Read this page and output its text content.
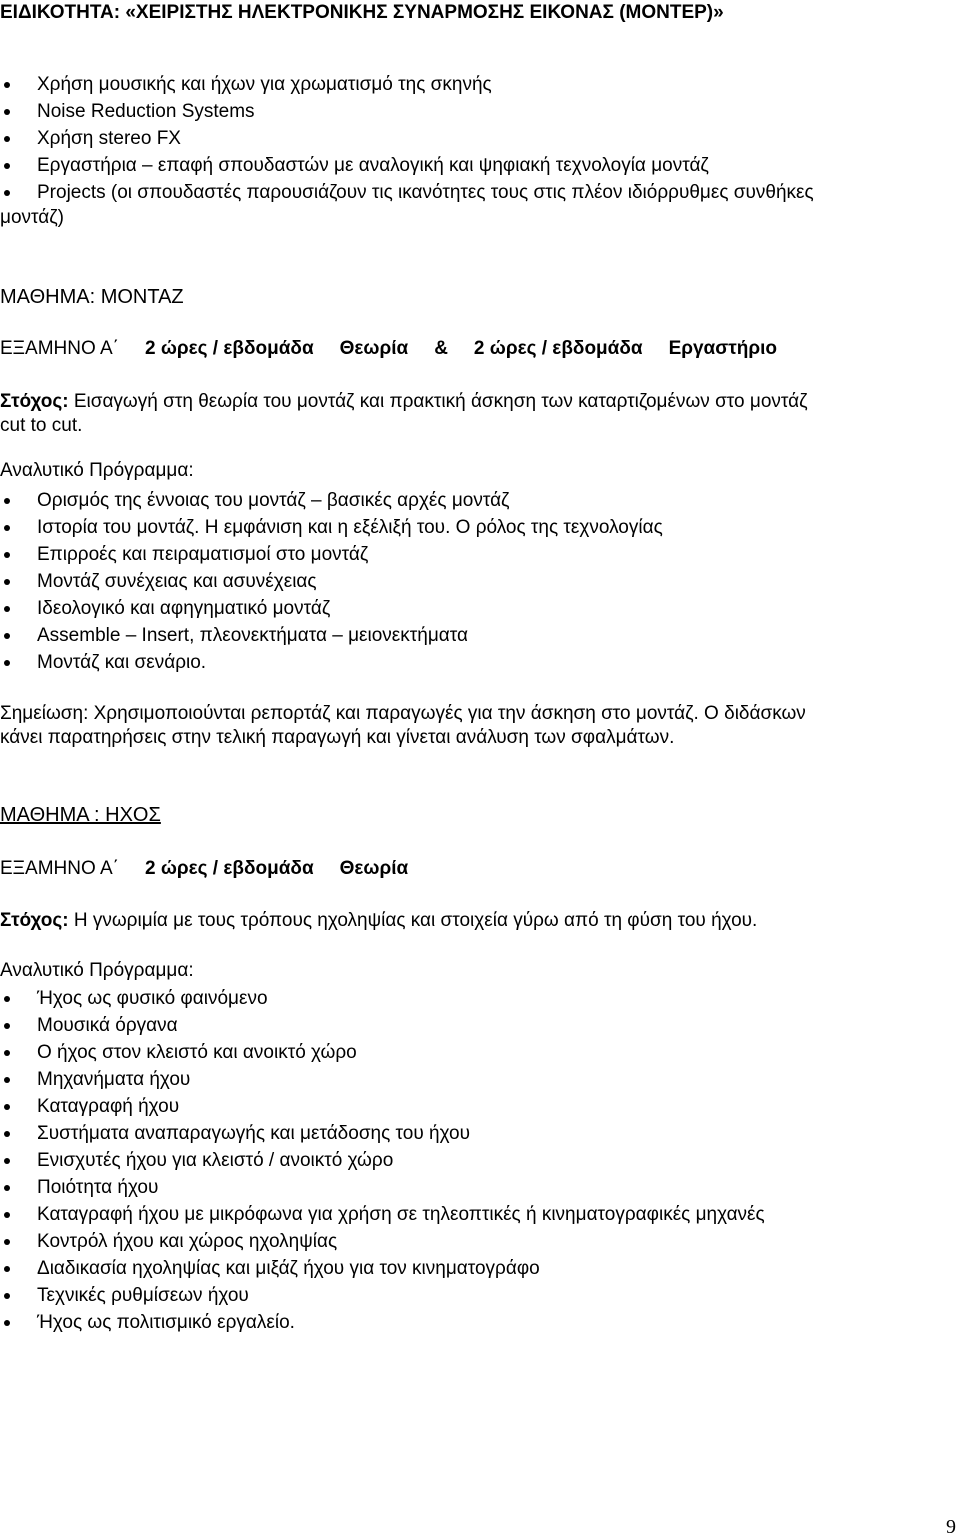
ΕΙΔΙΚΟΤΗΤΑ: «ΧΕΙΡΙΣΤΗΣ ΗΛΕΚΤΡΟΝΙΚΗΣ ΣΥΝΑΡΜΟΣΗΣ ΕΙΚΟΝΑΣ (ΜΟΝΤΕΡ)»
Χρήση μουσικής και ήχων για χρωματισμό της σκηνής
Noise Reduction Systems
Χρήση stereo FX
Εργαστήρια – επαφή σπουδαστών με αναλογική και ψηφιακή τεχνολογία μοντάζ
Projects (οι σπουδαστές παρουσιάζουν τις ικανότητες τους στις πλέον ιδιόρρυθμες συνθήκες
μοντάζ)
ΜΑΘΗΜΑ: ΜΟΝΤΑΖ
ΕΞΑΜΗΝΟ Α΄ 2 ώρες / εβδομάδα Θεωρία & 2 ώρες / εβδομάδα Εργαστήριο
Στόχος: Εισαγωγή στη θεωρία του μοντάζ και πρακτική άσκηση των καταρτιζομένων στο μοντάζ
cut to cut.
Αναλυτικό Πρόγραμμα:
Ορισμός της έννοιας του μοντάζ – βασικές αρχές μοντάζ
Ιστορία του μοντάζ. Η εμφάνιση και η εξέλιξή του. Ο ρόλος της τεχνολογίας
Επιρροές και πειραματισμοί στο μοντάζ
Μοντάζ συνέχειας και ασυνέχειας
Ιδεολογικό και αφηγηματικό μοντάζ
Assemble – Insert, πλεονεκτήματα – μειονεκτήματα
Μοντάζ και σενάριο.
Σημείωση: Χρησιμοποιούνται ρεπορτάζ και παραγωγές για την άσκηση στο μοντάζ. Ο διδάσκων
κάνει παρατηρήσεις στην τελική παραγωγή και γίνεται ανάλυση των σφαλμάτων.
ΜΑΘΗΜΑ : ΗΧΟΣ
ΕΞΑΜΗΝΟ Α΄ 2 ώρες / εβδομάδα Θεωρία
Στόχος: Η γνωριμία με τους τρόπους ηχοληψίας και στοιχεία γύρω από τη φύση του ήχου.
Αναλυτικό Πρόγραμμα:
Ήχος ως φυσικό φαινόμενο
Μουσικά όργανα
Ο ήχος στον κλειστό και ανοικτό χώρο
Μηχανήματα ήχου
Καταγραφή ήχου
Συστήματα αναπαραγωγής και μετάδοσης του ήχου
Ενισχυτές ήχου για κλειστό / ανοικτό χώρο
Ποιότητα ήχου
Καταγραφή ήχου με μικρόφωνα για χρήση σε τηλεοπτικές ή κινηματογραφικές μηχανές
Κοντρόλ ήχου και χώρος ηχοληψίας
Διαδικασία ηχοληψίας και μιξάζ ήχου για τον κινηματογράφο
Τεχνικές ρυθμίσεων ήχου
Ήχος ως πολιτισμικό εργαλείο.
9
